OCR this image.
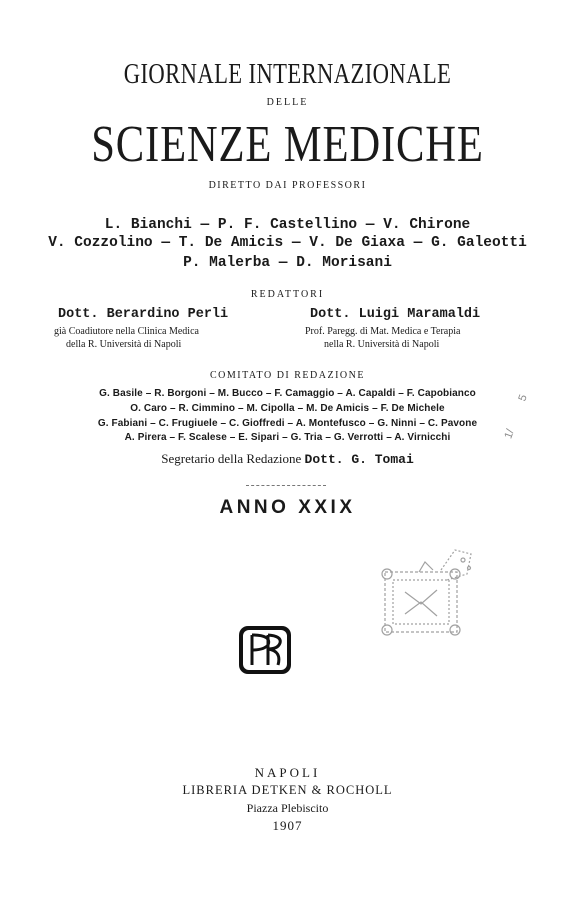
GIORNALE INTERNAZIONALE
DELLE
SCIENZE MEDICHE
DIRETTO DAI PROFESSORI
L. Bianchi — P. F. Castellino — V. Chirone
V. Cozzolino — T. De Amicis — V. De Giaxa — G. Galeotti
P. Malerba — D. Morisani
REDATTORI
Dott. Berardino Perli
già Coadiutore nella Clinica Medica
della R. Università di Napoli
Dott. Luigi Maramaldi
Prof. Paregg. di Mat. Medica e Terapia
nella R. Università di Napoli
COMITATO DI REDAZIONE
G. Basile – R. Borgoni – M. Bucco – F. Camaggio – A. Capaldi – F. Capobianco
O. Caro – R. Cimmino – M. Cipolla – M. De Amicis – F. De Michele
G. Fabiani – C. Frugiuele – C. Gioffredi – A. Montefusco – G. Ninni – C. Pavone
A. Pirera – F. Scalese – E. Sipari – G. Tria – G. Verrotti – A. Virnicchi
Segretario della Redazione Dott. G. Tomai
ANNO XXIX
5
1/
NAPOLI
LIBRERIA DETKEN & ROCHOLL
Piazza Plebiscito
1907
